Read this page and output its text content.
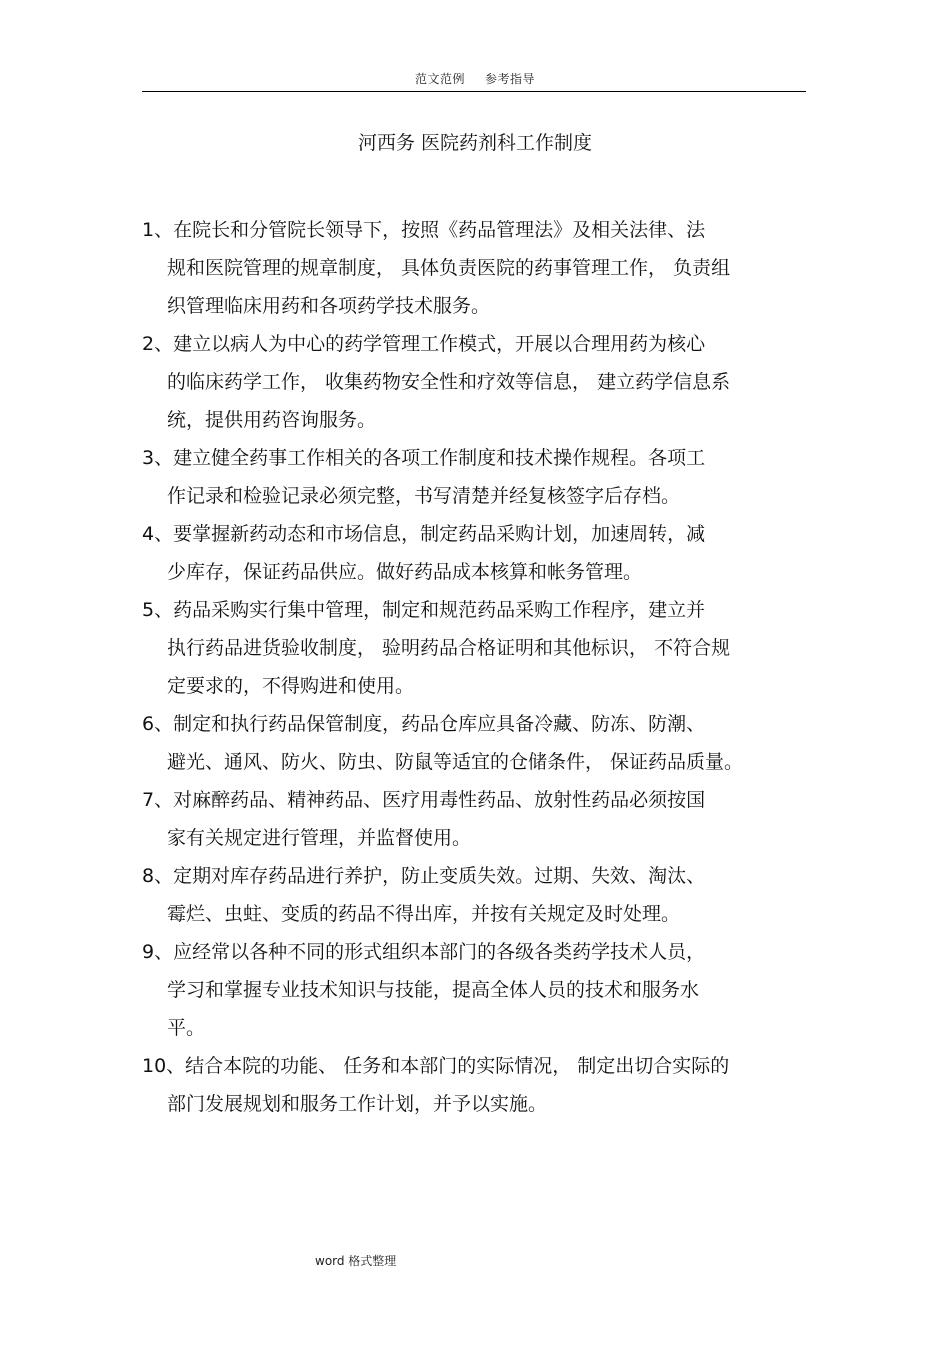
范文范例 参考指导
河西务 医院药剂科工作制度
1、在院长和分管院长领导下，按照《药品管理法》及相关法律、法
规和医院管理的规章制度， 具体负责医院的药事管理工作， 负责组
织管理临床用药和各项药学技术服务。
2、建立以病人为中心的药学管理工作模式，开展以合理用药为核心
的临床药学工作， 收集药物安全性和疗效等信息， 建立药学信息系
统，提供用药咨询服务。
3、建立健全药事工作相关的各项工作制度和技术操作规程。各项工
作记录和检验记录必须完整，书写清楚并经复核签字后存档。
4、要掌握新药动态和市场信息，制定药品采购计划，加速周转，减
少库存，保证药品供应。做好药品成本核算和帐务管理。
5、药品采购实行集中管理，制定和规范药品采购工作程序，建立并
执行药品进货验收制度， 验明药品合格证明和其他标识， 不符合规
定要求的，不得购进和使用。
6、制定和执行药品保管制度，药品仓库应具备冷藏、防冻、防潮、
避光、通风、防火、防虫、防鼠等适宜的仓储条件， 保证药品质量。
7、对麻醉药品、精神药品、医疗用毒性药品、放射性药品必须按国
家有关规定进行管理，并监督使用。
8、定期对库存药品进行养护，防止变质失效。过期、失效、淘汰、
霉烂、虫蛀、变质的药品不得出库，并按有关规定及时处理。
9、应经常以各种不同的形式组织本部门的各级各类药学技术人员，
学习和掌握专业技术知识与技能，提高全体人员的技术和服务水
平。
10、结合本院的功能、 任务和本部门的实际情况， 制定出切合实际的
部门发展规划和服务工作计划，并予以实施。
word 格式整理
